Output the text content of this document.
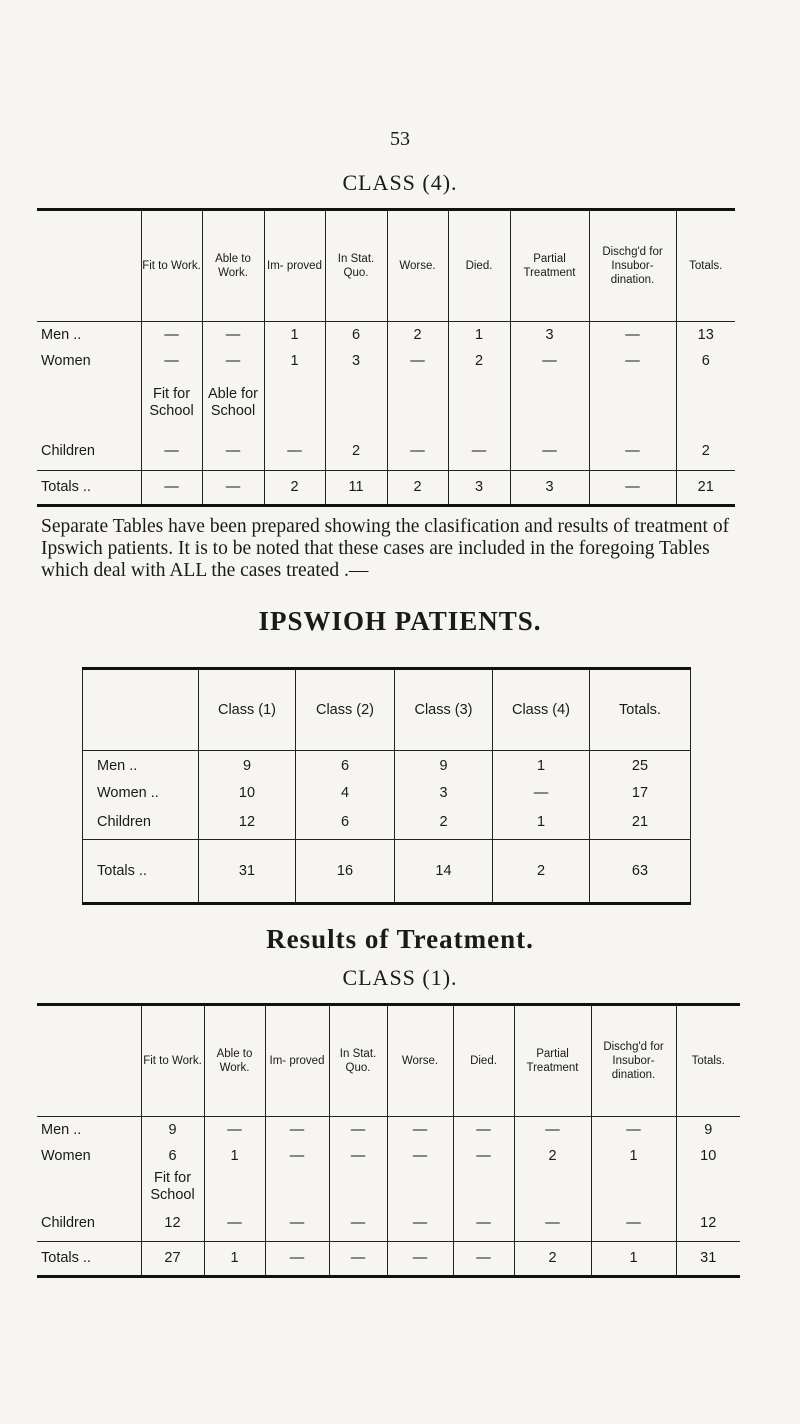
53
CLASS (4).
	Fit to Work.	Able to Work.	Im- proved	In Stat. Quo.	Worse.	Died.	Partial Treatment	Dischg'd for Insubor- dination.	Totals.
Men ..	—	—	1	6	2	1	3	—	13
Women	—	—	1	3	—	2	—	—	6
	Fit for School	Able for School							
Children	—	—	—	2	—	—	—	—	2
Totals ..	—	—	2	11	2	3	3	—	21
Separate Tables have been prepared showing the clasification and results of treatment of Ipswich patients. It is to be noted that these cases are included in the foregoing Tables which deal with ALL the cases treated .—
IPSWIOH PATIENTS.
	Class (1)	Class (2)	Class (3)	Class (4)	Totals.
Men ..	9	6	9	1	25
Women ..	10	4	3	—	17
Children	12	6	2	1	21
Totals ..	31	16	14	2	63
Results of Treatment.
CLASS (1).
	Fit to Work.	Able to Work.	Im- proved	In Stat. Quo.	Worse.	Died.	Partial Treatment	Dischg'd for Insubor- dination.	Totals.
Men ..	9	—	—	—	—	—	—	—	9
Women	6	1	—	—	—	—	2	1	10
	Fit for School								
Children	12	—	—	—	—	—	—	—	12
Totals ..	27	1	—	—	—	—	2	1	31
